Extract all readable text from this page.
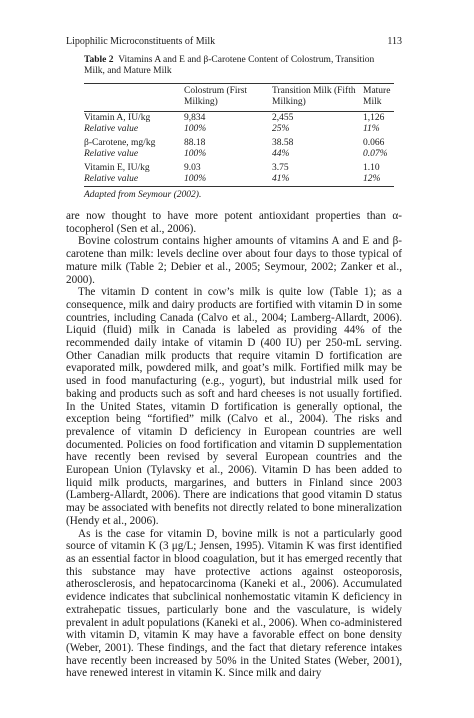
Lipophilic Microconstituents of Milk	113
Table 2 Vitamins A and E and β-Carotene Content of Colostrum, Transition Milk, and Mature Milk
	Colostrum (First Milking)	Transition Milk (Fifth Milking)	Mature Milk
Vitamin A, IU/kg	9,834	2,455	1,126
Relative value	100%	25%	11%
β-Carotene, mg/kg	88.18	38.58	0.066
Relative value	100%	44%	0.07%
Vitamin E, IU/kg	9.03	3.75	1.10
Relative value	100%	41%	12%
Adapted from Seymour (2002).

are now thought to have more potent antioxidant properties than α-tocopherol (Sen et al., 2006).

Bovine colostrum contains higher amounts of vitamins A and E and β-carotene than milk: levels decline over about four days to those typical of mature milk (Table 2; Debier et al., 2005; Seymour, 2002; Zanker et al., 2000).

The vitamin D content in cow’s milk is quite low (Table 1); as a consequence, milk and dairy products are fortified with vitamin D in some countries, including Canada (Calvo et al., 2004; Lamberg-Allardt, 2006). Liquid (fluid) milk in Canada is labeled as providing 44% of the recommended daily intake of vitamin D (400 IU) per 250-mL serving. Other Canadian milk products that require vitamin D fortification are evaporated milk, powdered milk, and goat’s milk. Fortified milk may be used in food manufacturing (e.g., yogurt), but industrial milk used for baking and products such as soft and hard cheeses is not usually fortified. In the United States, vitamin D fortification is generally optional, the exception being “fortified” milk (Calvo et al., 2004). The risks and prevalence of vitamin D deficiency in European countries are well documented. Policies on food fortification and vitamin D supplementation have recently been revised by several European countries and the European Union (Tylavsky et al., 2006). Vitamin D has been added to liquid milk products, margarines, and butters in Finland since 2003 (Lamberg-Allardt, 2006). There are indications that good vitamin D status may be associated with benefits not directly related to bone mineralization (Hendy et al., 2006).

As is the case for vitamin D, bovine milk is not a particularly good source of vitamin K (3 μg/L; Jensen, 1995). Vitamin K was first identified as an essential factor in blood coagulation, but it has emerged recently that this substance may have protective actions against osteoporosis, atherosclerosis, and hepatocarcinoma (Kaneki et al., 2006). Accumulated evidence indicates that subclinical nonhemostatic vitamin K deficiency in extrahepatic tissues, particularly bone and the vasculature, is widely prevalent in adult populations (Kaneki et al., 2006). When co-administered with vitamin D, vitamin K may have a favorable effect on bone density (Weber, 2001). These findings, and the fact that dietary reference intakes have recently been increased by 50% in the United States (Weber, 2001), have renewed interest in vitamin K. Since milk and dairy
